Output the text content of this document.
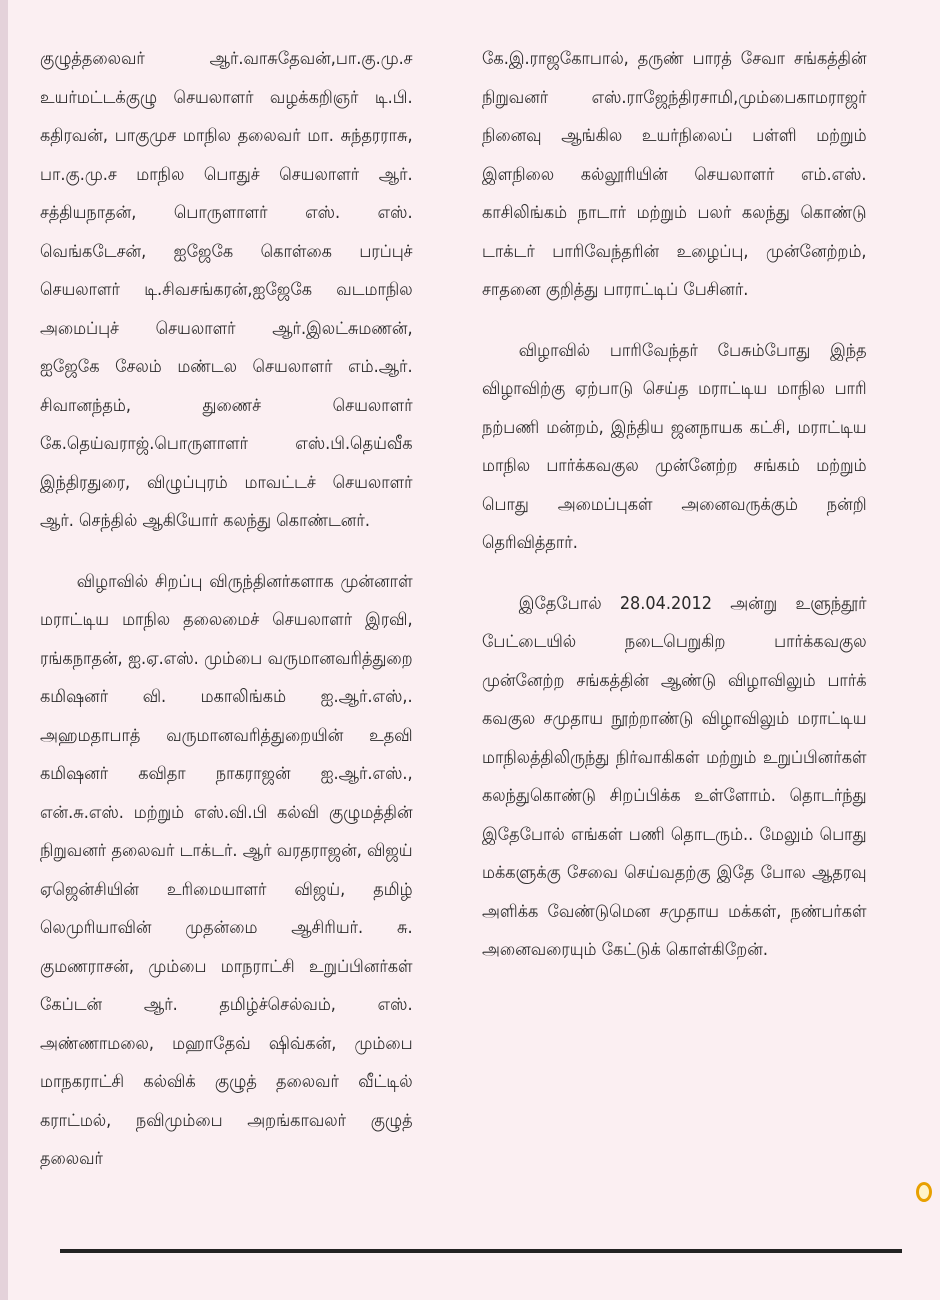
குழுத்தலைவர் ஆர்.வாசுதேவன்,பா.கு.மு.ச உயர்மட்டக்குழு செயலாளர் வழக்கறிஞர் டி.பி. கதிரவன், பாகுமுச மாநில தலைவர் மா. சுந்தரராசு, பா.கு.மு.ச மாநில பொதுச் செயலாளர் ஆர். சத்தியநாதன், பொருளாளர் எஸ். எஸ். வெங்கடேசன், ஐஜேகே கொள்கை பரப்புச் செயலாளர் டி.சிவசங்கரன்,ஐஜேகே வடமாநில அமைப்புச் செயலாளர் ஆர்.இலட்சுமணன், ஐஜேகே சேலம் மண்டல செயலாளர் எம்.ஆர். சிவானந்தம், துணைச் செயலாளர் கே.தெய்வராஜ்.பொருளாளர் எஸ்.பி.தெய்வீக இந்திரதுரை, விழுப்புரம் மாவட்டச் செயலாளர் ஆர். செந்தில் ஆகியோர் கலந்து கொண்டனர்.

விழாவில் சிறப்பு விருந்தினர்களாக முன்னாள் மராட்டிய மாநில தலைமைச் செயலாளர் இரவி, ரங்கநாதன், ஐ.ஏ.எஸ். மும்பை வருமானவரித்துறை கமிஷனர் வி. மகாலிங்கம் ஐ.ஆர்.எஸ்,. அஹமதாபாத் வருமானவரித்துறையின் உதவி கமிஷனர் கவிதா நாகராஜன் ஐ.ஆர்.எஸ்., என்.சு.எஸ். மற்றும் எஸ்.வி.பி கல்வி குழுமத்தின் நிறுவனர் தலைவர் டாக்டர். ஆர் வரதராஜன், விஜய் ஏஜென்சியின் உரிமையாளர் விஜய், தமிழ் லெமுரியாவின் முதன்மை ஆசிரியர். சு. குமணராசன், மும்பை மாநராட்சி உறுப்பினர்கள் கேப்டன் ஆர். தமிழ்ச்செல்வம், எஸ். அண்ணாமலை, மஹாதேவ் ஷிவ்கன், மும்பை மாநகராட்சி கல்விக் குழுத் தலைவர் வீட்டில் கராட்மல், நவிமும்பை அறங்காவலர் குழுத் தலைவர்

கே.இ.ராஜகோபால், தருண் பாரத் சேவா சங்கத்தின் நிறுவனர் எஸ்.ராஜேந்திரசாமி,மும்பைகாமராஜர் நினைவு ஆங்கில உயர்நிலைப் பள்ளி மற்றும் இளநிலை கல்லூரியின் செயலாளர் எம்.எஸ். காசிலிங்கம் நாடார் மற்றும் பலர் கலந்து கொண்டு டாக்டர் பாரிவேந்தரின் உழைப்பு, முன்னேற்றம், சாதனை குறித்து பாராட்டிப் பேசினர்.

விழாவில் பாரிவேந்தர் பேசும்போது இந்த விழாவிற்கு ஏற்பாடு செய்த மராட்டிய மாநில பாரி நற்பணி மன்றம், இந்திய ஜனநாயக கட்சி, மராட்டிய மாநில பார்க்கவகுல முன்னேற்ற சங்கம் மற்றும் பொது அமைப்புகள் அனைவருக்கும் நன்றி தெரிவித்தார்.

இதேபோல் 28.04.2012 அன்று உளுந்தூர் பேட்டையில் நடைபெறுகிற பார்க்கவகுல முன்னேற்ற சங்கத்தின் ஆண்டு விழாவிலும் பார்க் கவகுல சமுதாய நூற்றாண்டு விழாவிலும் மராட்டிய மாநிலத்திலிருந்து நிர்வாகிகள் மற்றும் உறுப்பினர்கள் கலந்துகொண்டு சிறப்பிக்க உள்ளோம். தொடர்ந்து இதேபோல் எங்கள் பணி தொடரும்.. மேலும் பொது மக்களுக்கு சேவை செய்வதற்கு இதே போல ஆதரவு அளிக்க வேண்டுமென சமுதாய மக்கள், நண்பர்கள் அனைவரையும் கேட்டுக் கொள்கிறேன்.
